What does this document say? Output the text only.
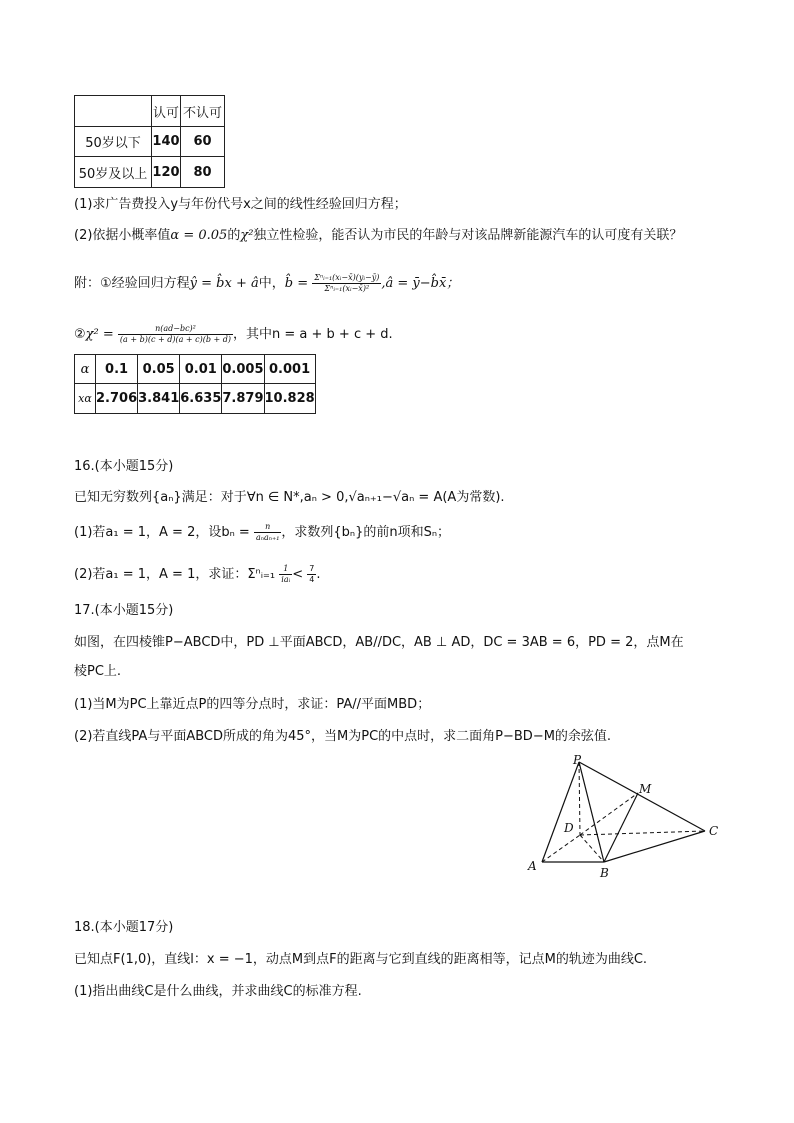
	认可	不认可
50岁以下	140	60
50岁及以上	120	80
(1)求广告费投入y与年份代号x之间的线性经验回归方程；
(2)依据小概率值α = 0.05的χ²独立性检验，能否认为市民的年龄与对该品牌新能源汽车的认可度有关联？
附：①经验回归方程ŷ = b̂x + â中，b̂ = $\frac{\text{Σⁿᵢ₌₁(xᵢ−x̄)(yᵢ−ȳ)}}{\text{Σⁿᵢ₌₁(xᵢ−x̄)²}}$ ,â = ȳ−b̂x̄；
②χ² = $\frac{\text{n(ad−bc)²}}{(a + b)(c + d)(a + c)(b + d)}$ ，其中n = a + b + c + d.
α	0.1	0.05	0.01	0.005	0.001
xα	2.706	3.841	6.635	7.879	10.828
16.(本小题15分)
已知无穷数列{aₙ}满足：对于∀n ∈ N*,aₙ > 0,√aₙ₊₁−√aₙ = A(A为常数).
(1)若a₁ = 1，A = 2，设$b_n = \frac{n}{\text{aₙaₙ₊₁}}$ ，求数列{bₙ}的前n项和Sₙ；
(2)若a₁ = 1，A = 1，求证：Σⁿᵢ₌₁ $\frac{1}{\text{iaᵢ}} < \frac{7}{4}$ .
17.(本小题15分)
如图，在四棱锥P−ABCD中，PD ⊥平面ABCD，AB//DC，AB ⊥ AD，DC = 3AB = 6，PD = 2，点M在
棱PC上.
(1)当M为PC上靠近点P的四等分点时，求证：PA//平面MBD；
(2)若直线PA与平面ABCD所成的角为45°，当M为PC的中点时，求二面角P−BD−M的余弦值.
P
M
D	C
A	B
18.(本小题17分)
已知点F(1,0)，直线l：x = −1，动点M到点F的距离与它到直线的距离相等，记点M的轨迹为曲线C.
(1)指出曲线C是什么曲线，并求曲线C的标准方程.
